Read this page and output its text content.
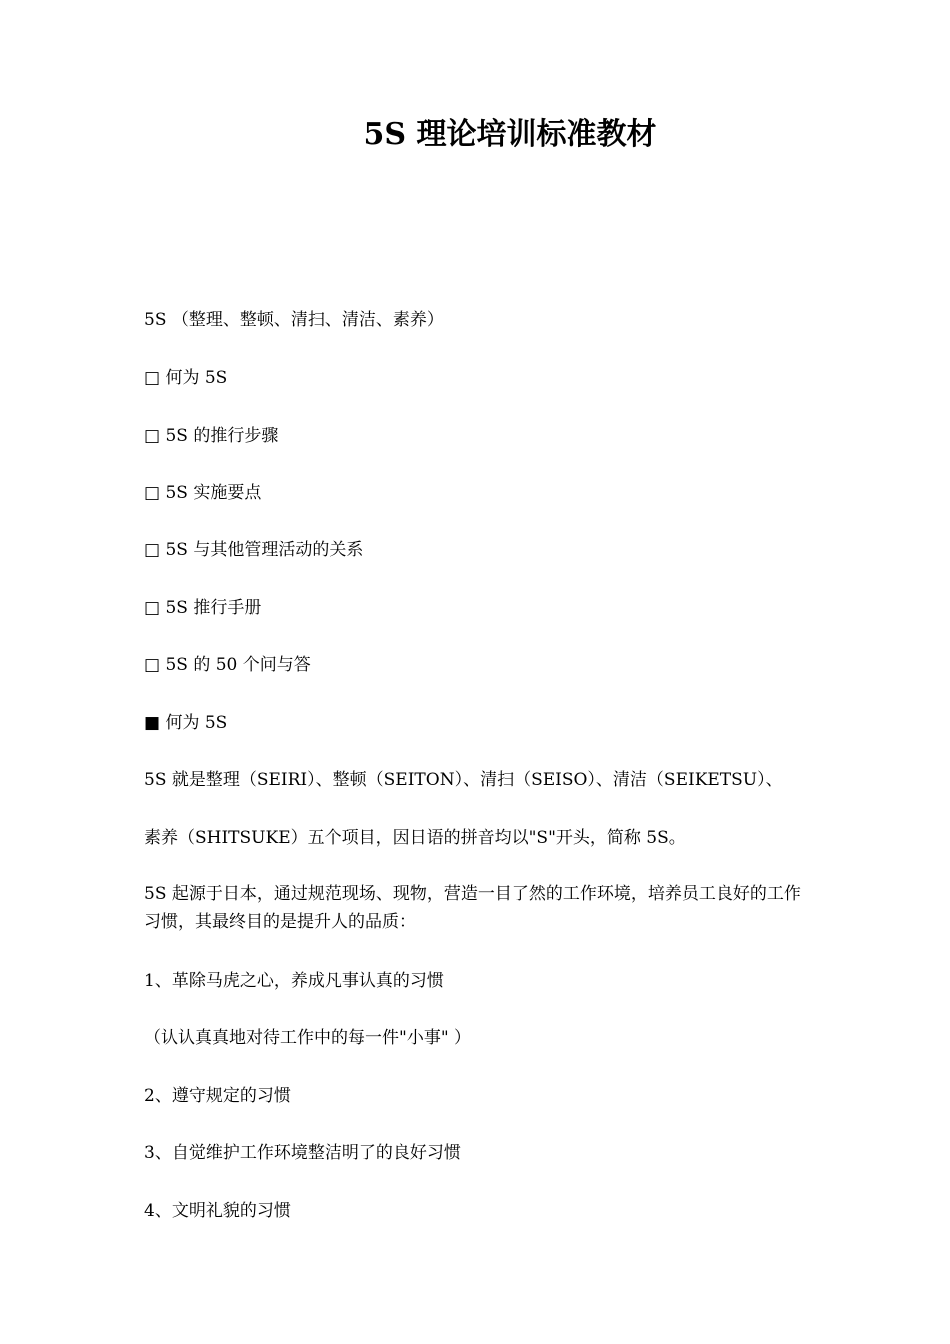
5S 理论培训标准教材
5S （整理、整顿、清扫、清洁、素养）
□ 何为 5S
□ 5S 的推行步骤
□ 5S 实施要点
□ 5S 与其他管理活动的关系
□ 5S 推行手册
□ 5S 的 50 个问与答
■ 何为 5S
5S 就是整理（SEIRI）、整顿（SEITON）、清扫（SEISO）、清洁（SEIKETSU）、
素养（SHITSUKE）五个项目，因日语的拼音均以"S"开头，简称 5S。
5S 起源于日本，通过规范现场、现物，营造一目了然的工作环境，培养员工良好的工作
习惯，其最终目的是提升人的品质：
1、革除马虎之心，养成凡事认真的习惯
（认认真真地对待工作中的每一件"小事" ）
2、遵守规定的习惯
3、自觉维护工作环境整洁明了的良好习惯
4、文明礼貌的习惯
